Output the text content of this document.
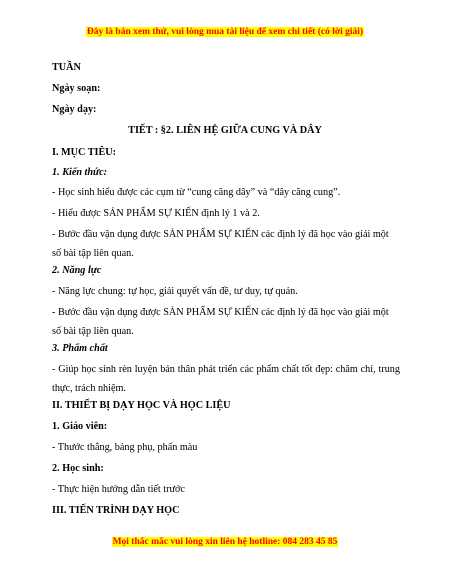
Đây là bản xem thử, vui lòng mua tài liệu để xem chi tiết (có lời giải)
TUẦN
Ngày soạn:
Ngày dạy:
TIẾT : §2. LIÊN HỆ GIỮA CUNG VÀ DÂY
I. MỤC TIÊU:
1. Kiến thức:
- Học sinh hiểu được các cụm từ “cung căng dây” và “dây căng cung”.
- Hiểu được SẢN PHẨM SỰ KIẾN định lý 1 và 2.
- Bước đầu vận dụng được SẢN PHẨM SỰ KIẾN các định lý đã học vào giải một số bài tập liên quan.
2. Năng lực
- Năng lực chung: tự học, giải quyết vấn đề, tư duy, tự quản.
- Bước đầu vận dụng được SẢN PHẨM SỰ KIẾN các định lý đã học vào giải một số bài tập liên quan.
3. Phẩm chất
- Giúp học sinh rèn luyện bản thân phát triển các phẩm chất tốt đẹp: chăm chỉ, trung thực, trách nhiệm.
II. THIẾT BỊ DẠY HỌC VÀ HỌC LIỆU
1. Giáo viên:
- Thước thẳng, bảng phụ, phấn màu
2. Học sinh:
- Thực hiện hướng dẫn tiết trước
III. TIẾN TRÌNH DẠY HỌC
Mọi thắc mắc vui lòng xin liên hệ hotline: 084 283 45 85
